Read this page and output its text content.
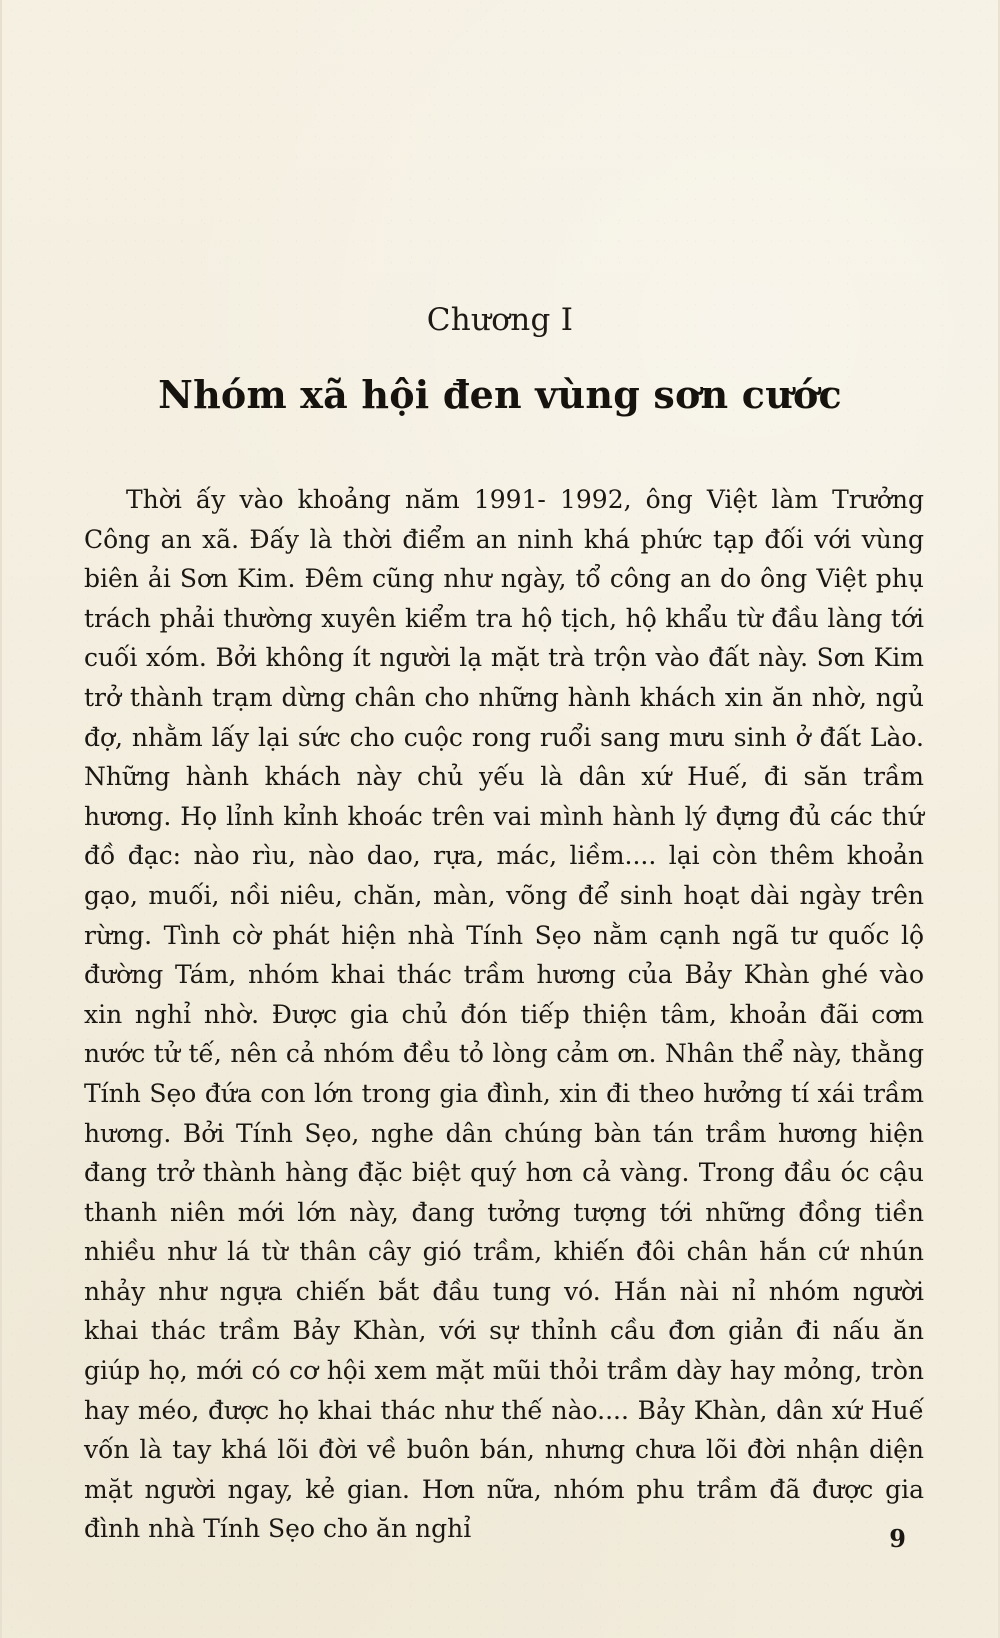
Chương I
Nhóm xã hội đen vùng sơn cước

Thời ấy vào khoảng năm 1991- 1992, ông Việt làm Trưởng Công an xã. Đấy là thời điểm an ninh khá phức tạp đối với vùng biên ải Sơn Kim. Đêm cũng như ngày, tổ công an do ông Việt phụ trách phải thường xuyên kiểm tra hộ tịch, hộ khẩu từ đầu làng tới cuối xóm. Bởi không ít người lạ mặt trà trộn vào đất này. Sơn Kim trở thành trạm dừng chân cho những hành khách xin ăn nhờ, ngủ đợ, nhằm lấy lại sức cho cuộc rong ruổi sang mưu sinh ở đất Lào. Những hành khách này chủ yếu là dân xứ Huế, đi săn trầm hương. Họ lỉnh kỉnh khoác trên vai mình hành lý đựng đủ các thứ đồ đạc: nào rìu, nào dao, rựa, mác, liềm.... lại còn thêm khoản gạo, muối, nồi niêu, chăn, màn, võng để sinh hoạt dài ngày trên rừng. Tình cờ phát hiện nhà Tính Sẹo nằm cạnh ngã tư quốc lộ đường Tám, nhóm khai thác trầm hương của Bảy Khàn ghé vào xin nghỉ nhờ. Được gia chủ đón tiếp thiện tâm, khoản đãi cơm nước tử tế, nên cả nhóm đều tỏ lòng cảm ơn. Nhân thể này, thằng Tính Sẹo đứa con lớn trong gia đình, xin đi theo hưởng tí xái trầm hương. Bởi Tính Sẹo, nghe dân chúng bàn tán trầm hương hiện đang trở thành hàng đặc biệt quý hơn cả vàng. Trong đầu óc cậu thanh niên mới lớn này, đang tưởng tượng tới những đồng tiền nhiều như lá từ thân cây gió trầm, khiến đôi chân hắn cứ nhún nhảy như ngựa chiến bắt đầu tung vó. Hắn nài nỉ nhóm người khai thác trầm Bảy Khàn, với sự thỉnh cầu đơn giản đi nấu ăn giúp họ, mới có cơ hội xem mặt mũi thỏi trầm dày hay mỏng, tròn hay méo, được họ khai thác như thế nào.... Bảy Khàn, dân xứ Huế vốn là tay khá lõi đời về buôn bán, nhưng chưa lõi đời nhận diện mặt người ngay, kẻ gian. Hơn nữa, nhóm phu trầm đã được gia đình nhà Tính Sẹo cho ăn nghỉ	9
